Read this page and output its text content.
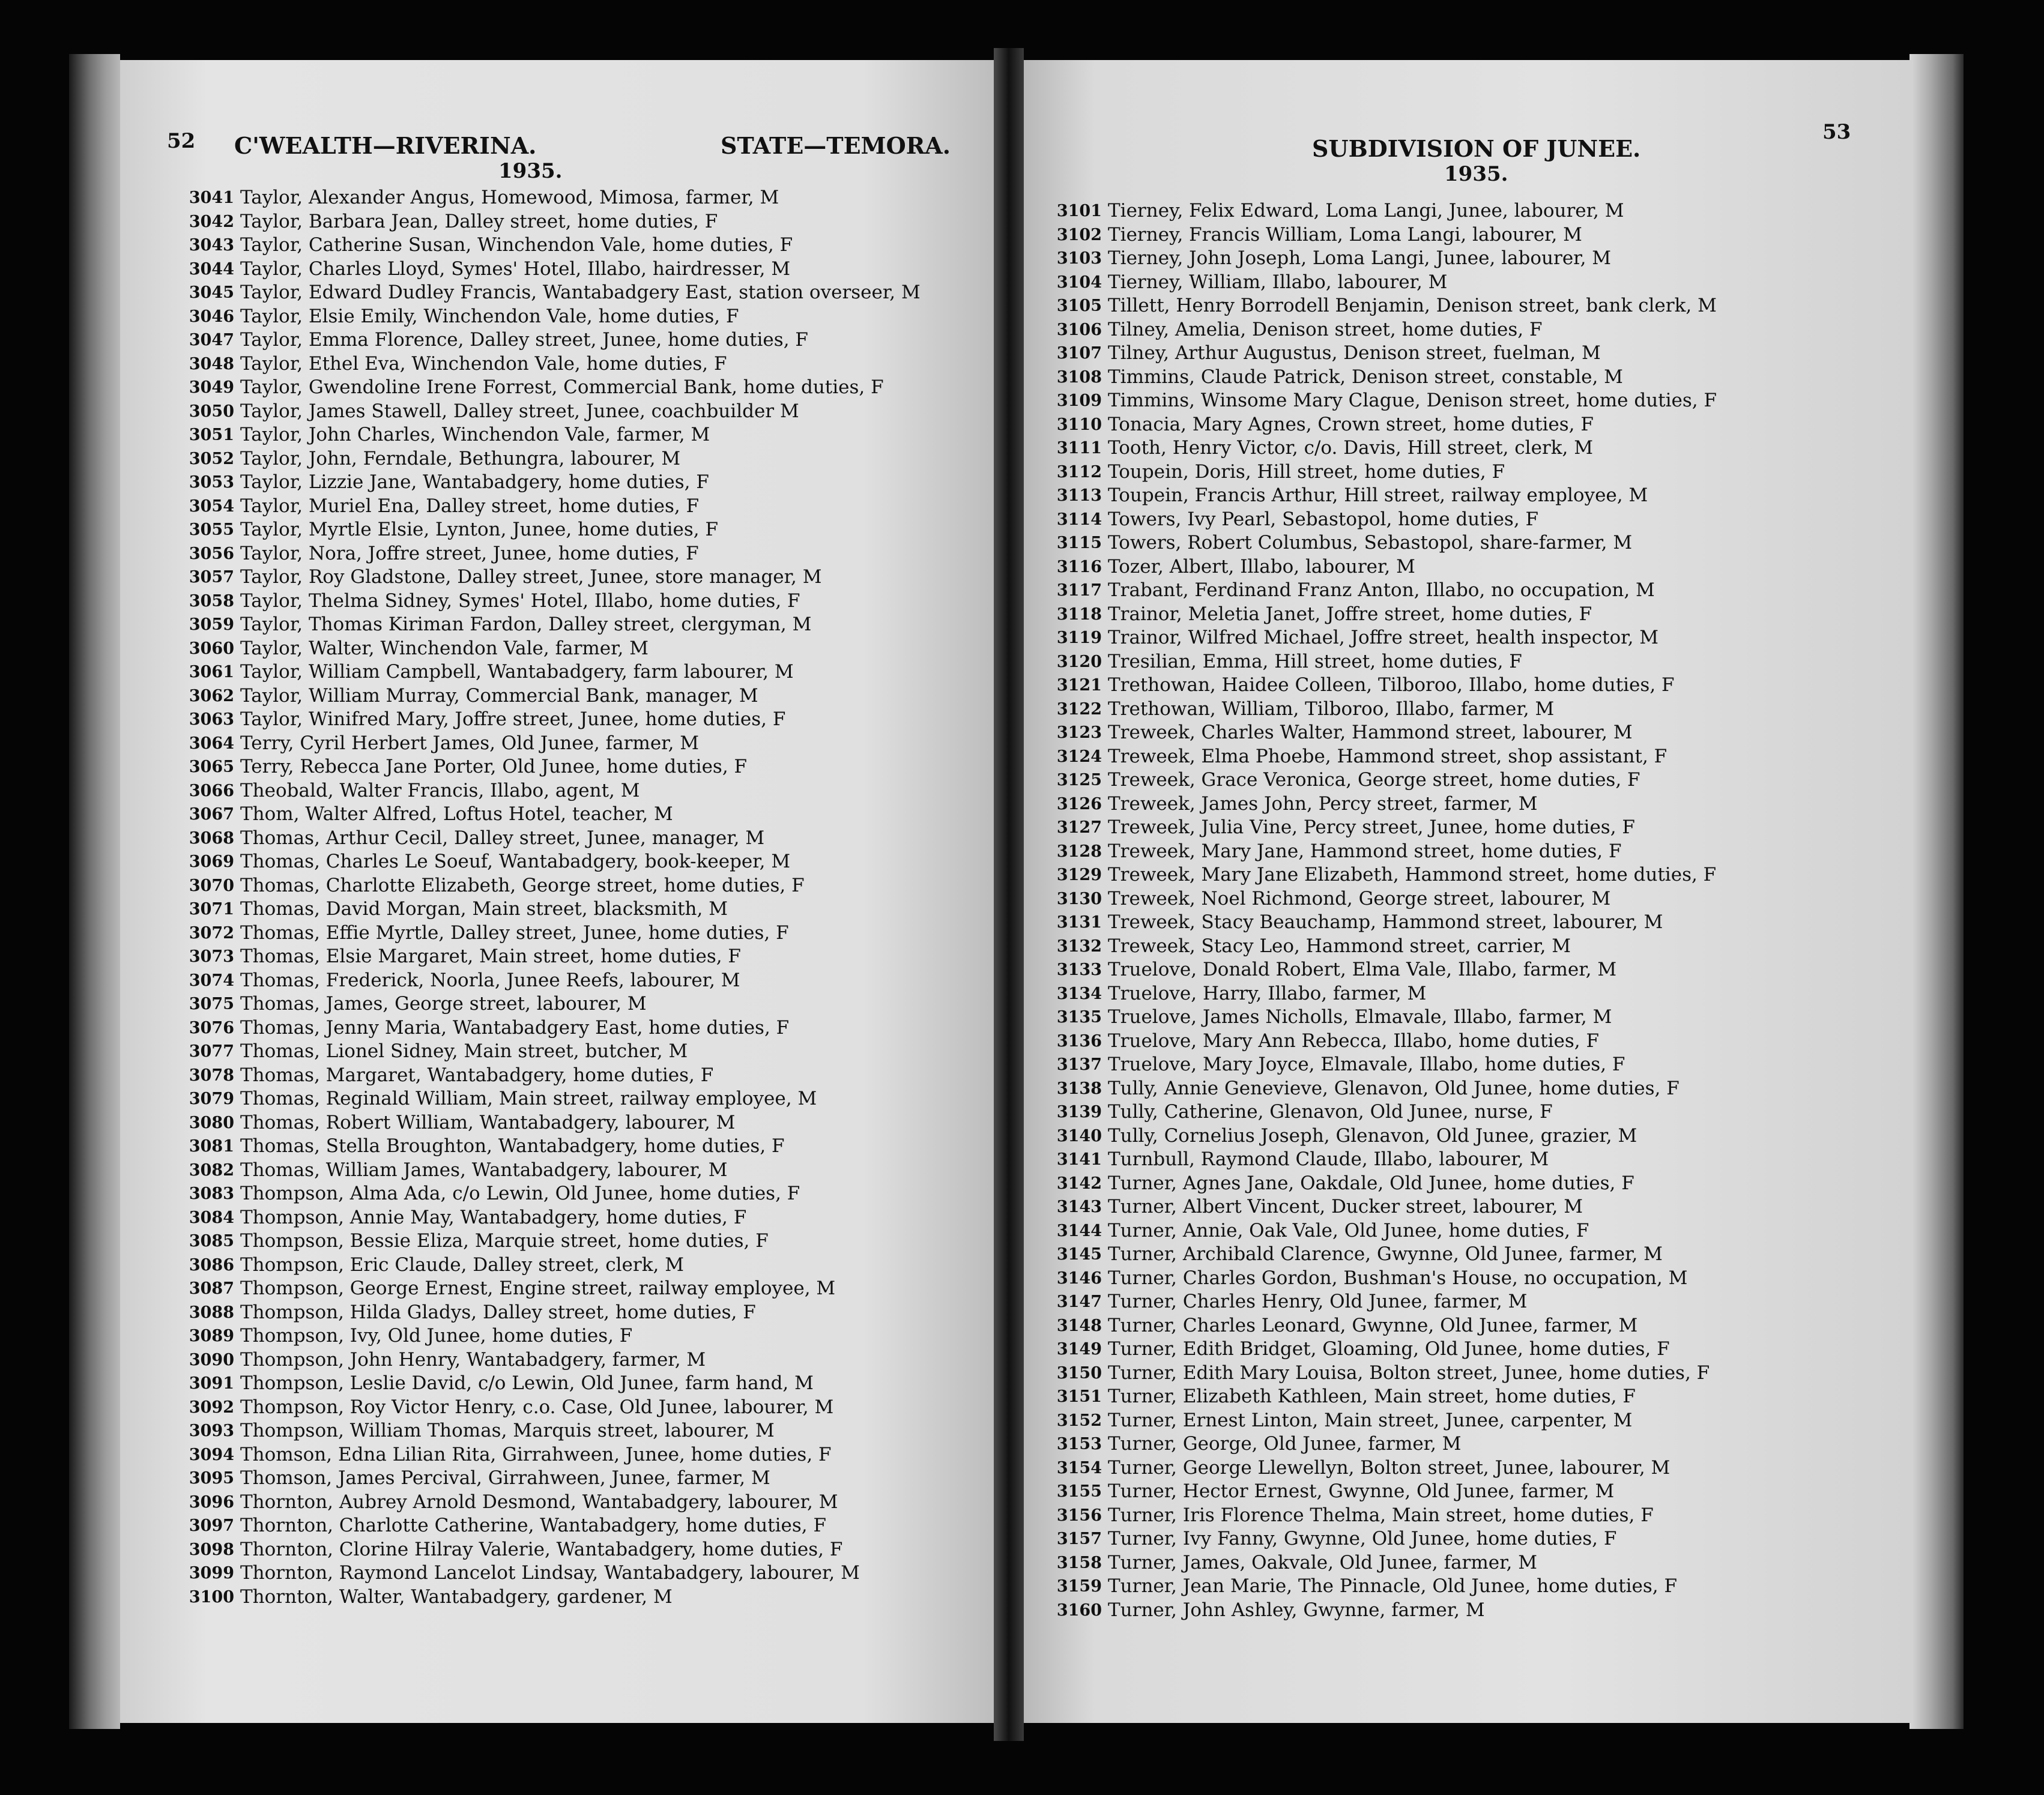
52 C'WEALTH—RIVERINA.	STATE—TEMORA.
1935.
3041 Taylor, Alexander Angus, Homewood, Mimosa, farmer, M
3042 Taylor, Barbara Jean, Dalley street, home duties, F
3043 Taylor, Catherine Susan, Winchendon Vale, home duties, F
3044 Taylor, Charles Lloyd, Symes' Hotel, Illabo, hairdresser, M
3045 Taylor, Edward Dudley Francis, Wantabadgery East, station overseer, M
3046 Taylor, Elsie Emily, Winchendon Vale, home duties, F
3047 Taylor, Emma Florence, Dalley street, Junee, home duties, F
3048 Taylor, Ethel Eva, Winchendon Vale, home duties, F
3049 Taylor, Gwendoline Irene Forrest, Commercial Bank, home duties, F
3050 Taylor, James Stawell, Dalley street, Junee, coachbuilder M
3051 Taylor, John Charles, Winchendon Vale, farmer, M
3052 Taylor, John, Ferndale, Bethungra, labourer, M
3053 Taylor, Lizzie Jane, Wantabadgery, home duties, F
3054 Taylor, Muriel Ena, Dalley street, home duties, F
3055 Taylor, Myrtle Elsie, Lynton, Junee, home duties, F
3056 Taylor, Nora, Joffre street, Junee, home duties, F
3057 Taylor, Roy Gladstone, Dalley street, Junee, store manager, M
3058 Taylor, Thelma Sidney, Symes' Hotel, Illabo, home duties, F
3059 Taylor, Thomas Kiriman Fardon, Dalley street, clergyman, M
3060 Taylor, Walter, Winchendon Vale, farmer, M
3061 Taylor, William Campbell, Wantabadgery, farm labourer, M
3062 Taylor, William Murray, Commercial Bank, manager, M
3063 Taylor, Winifred Mary, Joffre street, Junee, home duties, F
3064 Terry, Cyril Herbert James, Old Junee, farmer, M
3065 Terry, Rebecca Jane Porter, Old Junee, home duties, F
3066 Theobald, Walter Francis, Illabo, agent, M
3067 Thom, Walter Alfred, Loftus Hotel, teacher, M
3068 Thomas, Arthur Cecil, Dalley street, Junee, manager, M
3069 Thomas, Charles Le Soeuf, Wantabadgery, book-keeper, M
3070 Thomas, Charlotte Elizabeth, George street, home duties, F
3071 Thomas, David Morgan, Main street, blacksmith, M
3072 Thomas, Effie Myrtle, Dalley street, Junee, home duties, F
3073 Thomas, Elsie Margaret, Main street, home duties, F
3074 Thomas, Frederick, Noorla, Junee Reefs, labourer, M
3075 Thomas, James, George street, labourer, M
3076 Thomas, Jenny Maria, Wantabadgery East, home duties, F
3077 Thomas, Lionel Sidney, Main street, butcher, M
3078 Thomas, Margaret, Wantabadgery, home duties, F
3079 Thomas, Reginald William, Main street, railway employee, M
3080 Thomas, Robert William, Wantabadgery, labourer, M
3081 Thomas, Stella Broughton, Wantabadgery, home duties, F
3082 Thomas, William James, Wantabadgery, labourer, M
3083 Thompson, Alma Ada, c/o Lewin, Old Junee, home duties, F
3084 Thompson, Annie May, Wantabadgery, home duties, F
3085 Thompson, Bessie Eliza, Marquie street, home duties, F
3086 Thompson, Eric Claude, Dalley street, clerk, M
3087 Thompson, George Ernest, Engine street, railway employee, M
3088 Thompson, Hilda Gladys, Dalley street, home duties, F
3089 Thompson, Ivy, Old Junee, home duties, F
3090 Thompson, John Henry, Wantabadgery, farmer, M
3091 Thompson, Leslie David, c/o Lewin, Old Junee, farm hand, M
3092 Thompson, Roy Victor Henry, c.o. Case, Old Junee, labourer, M
3093 Thompson, William Thomas, Marquis street, labourer, M
3094 Thomson, Edna Lilian Rita, Girrahween, Junee, home duties, F
3095 Thomson, James Percival, Girrahween, Junee, farmer, M
3096 Thornton, Aubrey Arnold Desmond, Wantabadgery, labourer, M
3097 Thornton, Charlotte Catherine, Wantabadgery, home duties, F
3098 Thornton, Clorine Hilray Valerie, Wantabadgery, home duties, F
3099 Thornton, Raymond Lancelot Lindsay, Wantabadgery, labourer, M
3100 Thornton, Walter, Wantabadgery, gardener, M
SUBDIVISION OF JUNEE.
53
1935.
3101 Tierney, Felix Edward, Loma Langi, Junee, labourer, M
3102 Tierney, Francis William, Loma Langi, labourer, M
3103 Tierney, John Joseph, Loma Langi, Junee, labourer, M
3104 Tierney, William, Illabo, labourer, M
3105 Tillett, Henry Borrodell Benjamin, Denison street, bank clerk, M
3106 Tilney, Amelia, Denison street, home duties, F
3107 Tilney, Arthur Augustus, Denison street, fuelman, M
3108 Timmins, Claude Patrick, Denison street, constable, M
3109 Timmins, Winsome Mary Clague, Denison street, home duties, F
3110 Tonacia, Mary Agnes, Crown street, home duties, F
3111 Tooth, Henry Victor, c/o. Davis, Hill street, clerk, M
3112 Toupein, Doris, Hill street, home duties, F
3113 Toupein, Francis Arthur, Hill street, railway employee, M
3114 Towers, Ivy Pearl, Sebastopol, home duties, F
3115 Towers, Robert Columbus, Sebastopol, share-farmer, M
3116 Tozer, Albert, Illabo, labourer, M
3117 Trabant, Ferdinand Franz Anton, Illabo, no occupation, M
3118 Trainor, Meletia Janet, Joffre street, home duties, F
3119 Trainor, Wilfred Michael, Joffre street, health inspector, M
3120 Tresilian, Emma, Hill street, home duties, F
3121 Trethowan, Haidee Colleen, Tilboroo, Illabo, home duties, F
3122 Trethowan, William, Tilboroo, Illabo, farmer, M
3123 Treweek, Charles Walter, Hammond street, labourer, M
3124 Treweek, Elma Phoebe, Hammond street, shop assistant, F
3125 Treweek, Grace Veronica, George street, home duties, F
3126 Treweek, James John, Percy street, farmer, M
3127 Treweek, Julia Vine, Percy street, Junee, home duties, F
3128 Treweek, Mary Jane, Hammond street, home duties, F
3129 Treweek, Mary Jane Elizabeth, Hammond street, home duties, F
3130 Treweek, Noel Richmond, George street, labourer, M
3131 Treweek, Stacy Beauchamp, Hammond street, labourer, M
3132 Treweek, Stacy Leo, Hammond street, carrier, M
3133 Truelove, Donald Robert, Elma Vale, Illabo, farmer, M
3134 Truelove, Harry, Illabo, farmer, M
3135 Truelove, James Nicholls, Elmavale, Illabo, farmer, M
3136 Truelove, Mary Ann Rebecca, Illabo, home duties, F
3137 Truelove, Mary Joyce, Elmavale, Illabo, home duties, F
3138 Tully, Annie Genevieve, Glenavon, Old Junee, home duties, F
3139 Tully, Catherine, Glenavon, Old Junee, nurse, F
3140 Tully, Cornelius Joseph, Glenavon, Old Junee, grazier, M
3141 Turnbull, Raymond Claude, Illabo, labourer, M
3142 Turner, Agnes Jane, Oakdale, Old Junee, home duties, F
3143 Turner, Albert Vincent, Ducker street, labourer, M
3144 Turner, Annie, Oak Vale, Old Junee, home duties, F
3145 Turner, Archibald Clarence, Gwynne, Old Junee, farmer, M
3146 Turner, Charles Gordon, Bushman's House, no occupation, M
3147 Turner, Charles Henry, Old Junee, farmer, M
3148 Turner, Charles Leonard, Gwynne, Old Junee, farmer, M
3149 Turner, Edith Bridget, Gloaming, Old Junee, home duties, F
3150 Turner, Edith Mary Louisa, Bolton street, Junee, home duties, F
3151 Turner, Elizabeth Kathleen, Main street, home duties, F
3152 Turner, Ernest Linton, Main street, Junee, carpenter, M
3153 Turner, George, Old Junee, farmer, M
3154 Turner, George Llewellyn, Bolton street, Junee, labourer, M
3155 Turner, Hector Ernest, Gwynne, Old Junee, farmer, M
3156 Turner, Iris Florence Thelma, Main street, home duties, F
3157 Turner, Ivy Fanny, Gwynne, Old Junee, home duties, F
3158 Turner, James, Oakvale, Old Junee, farmer, M
3159 Turner, Jean Marie, The Pinnacle, Old Junee, home duties, F
3160 Turner, John Ashley, Gwynne, farmer, M
